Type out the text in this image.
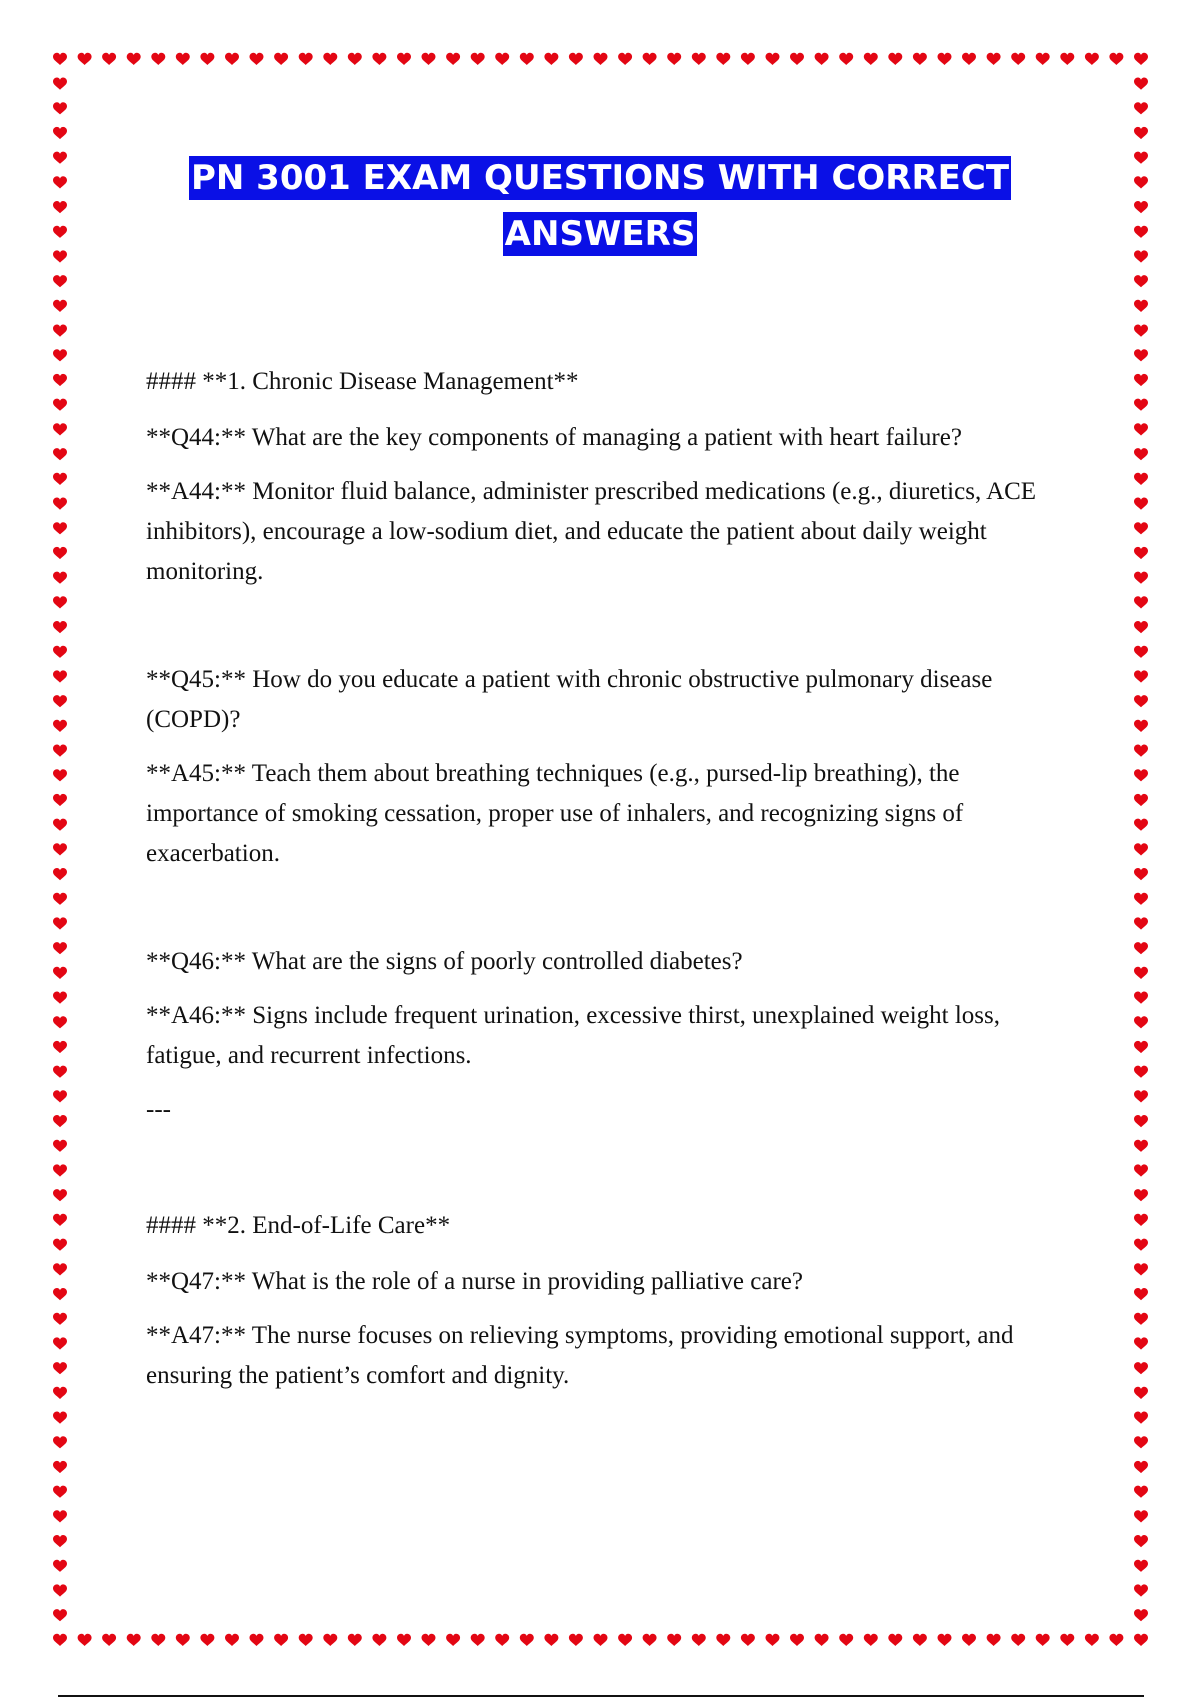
PN 3001 EXAM QUESTIONS WITH CORRECT ANSWERS

#### **1. Chronic Disease Management**

**Q44:** What are the key components of managing a patient with heart failure?

**A44:** Monitor fluid balance, administer prescribed medications (e.g., diuretics, ACE inhibitors), encourage a low-sodium diet, and educate the patient about daily weight monitoring.

**Q45:** How do you educate a patient with chronic obstructive pulmonary disease (COPD)?

**A45:** Teach them about breathing techniques (e.g., pursed-lip breathing), the importance of smoking cessation, proper use of inhalers, and recognizing signs of exacerbation.

**Q46:** What are the signs of poorly controlled diabetes?

**A46:** Signs include frequent urination, excessive thirst, unexplained weight loss, fatigue, and recurrent infections.

---

#### **2. End-of-Life Care**

**Q47:** What is the role of a nurse in providing palliative care?

**A47:** The nurse focuses on relieving symptoms, providing emotional support, and ensuring the patient’s comfort and dignity.
